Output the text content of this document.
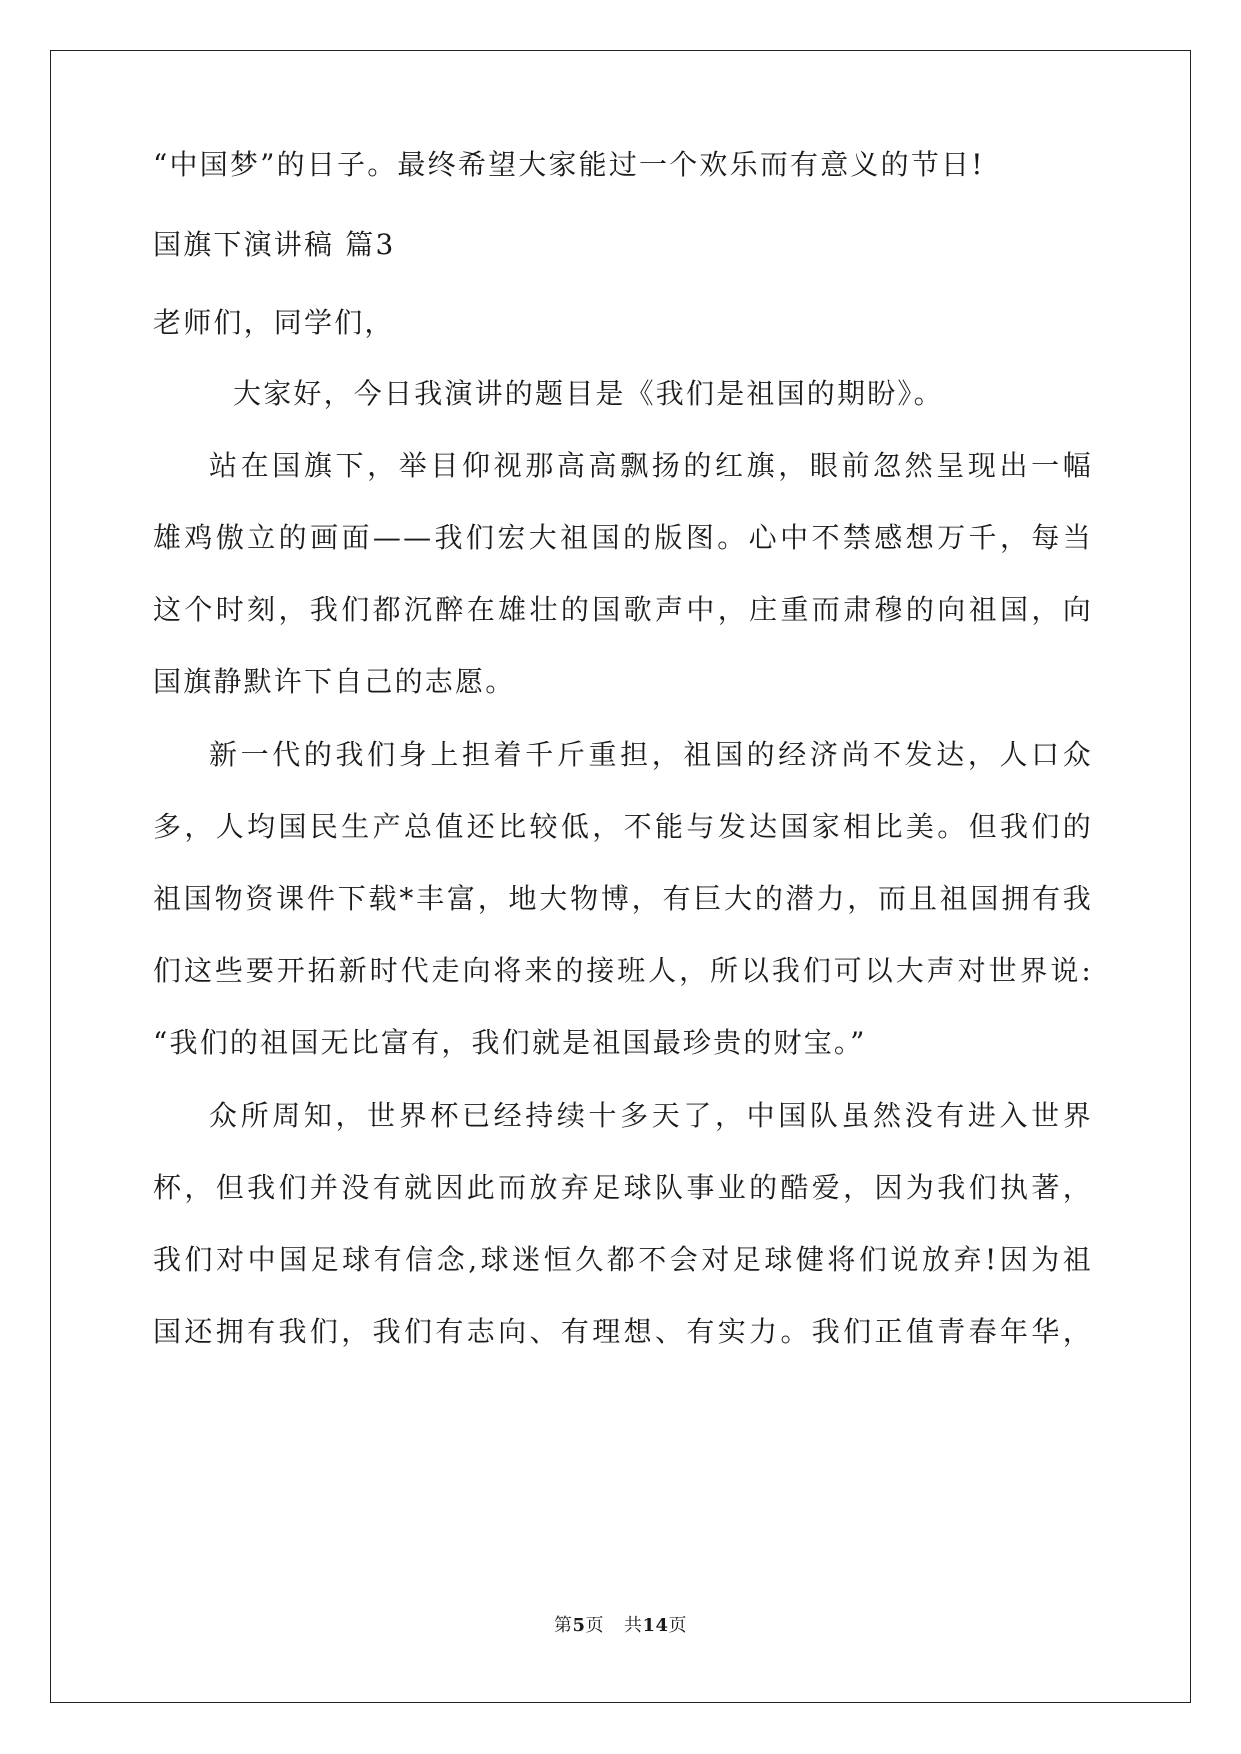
“中国梦”的日子。最终希望大家能过一个欢乐而有意义的节日!
国旗下演讲稿 篇3
老师们，同学们，
大家好，今日我演讲的题目是《我们是祖国的期盼》。
站在国旗下，举目仰视那高高飘扬的红旗，眼前忽然呈现出一幅
雄鸡傲立的画面——我们宏大祖国的版图。心中不禁感想万千，每当
这个时刻，我们都沉醉在雄壮的国歌声中，庄重而肃穆的向祖国，向
国旗静默许下自己的志愿。
新一代的我们身上担着千斤重担，祖国的经济尚不发达，人口众
多，人均国民生产总值还比较低，不能与发达国家相比美。但我们的
祖国物资课件下载*丰富，地大物博，有巨大的潜力，而且祖国拥有我
们这些要开拓新时代走向将来的接班人，所以我们可以大声对世界说:
“我们的祖国无比富有，我们就是祖国最珍贵的财宝。”
众所周知，世界杯已经持续十多天了，中国队虽然没有进入世界
杯，但我们并没有就因此而放弃足球队事业的酷爱，因为我们执著，
我们对中国足球有信念,球迷恒久都不会对足球健将们说放弃!因为祖
国还拥有我们，我们有志向、有理想、有实力。我们正值青春年华，
第5页 共14页
